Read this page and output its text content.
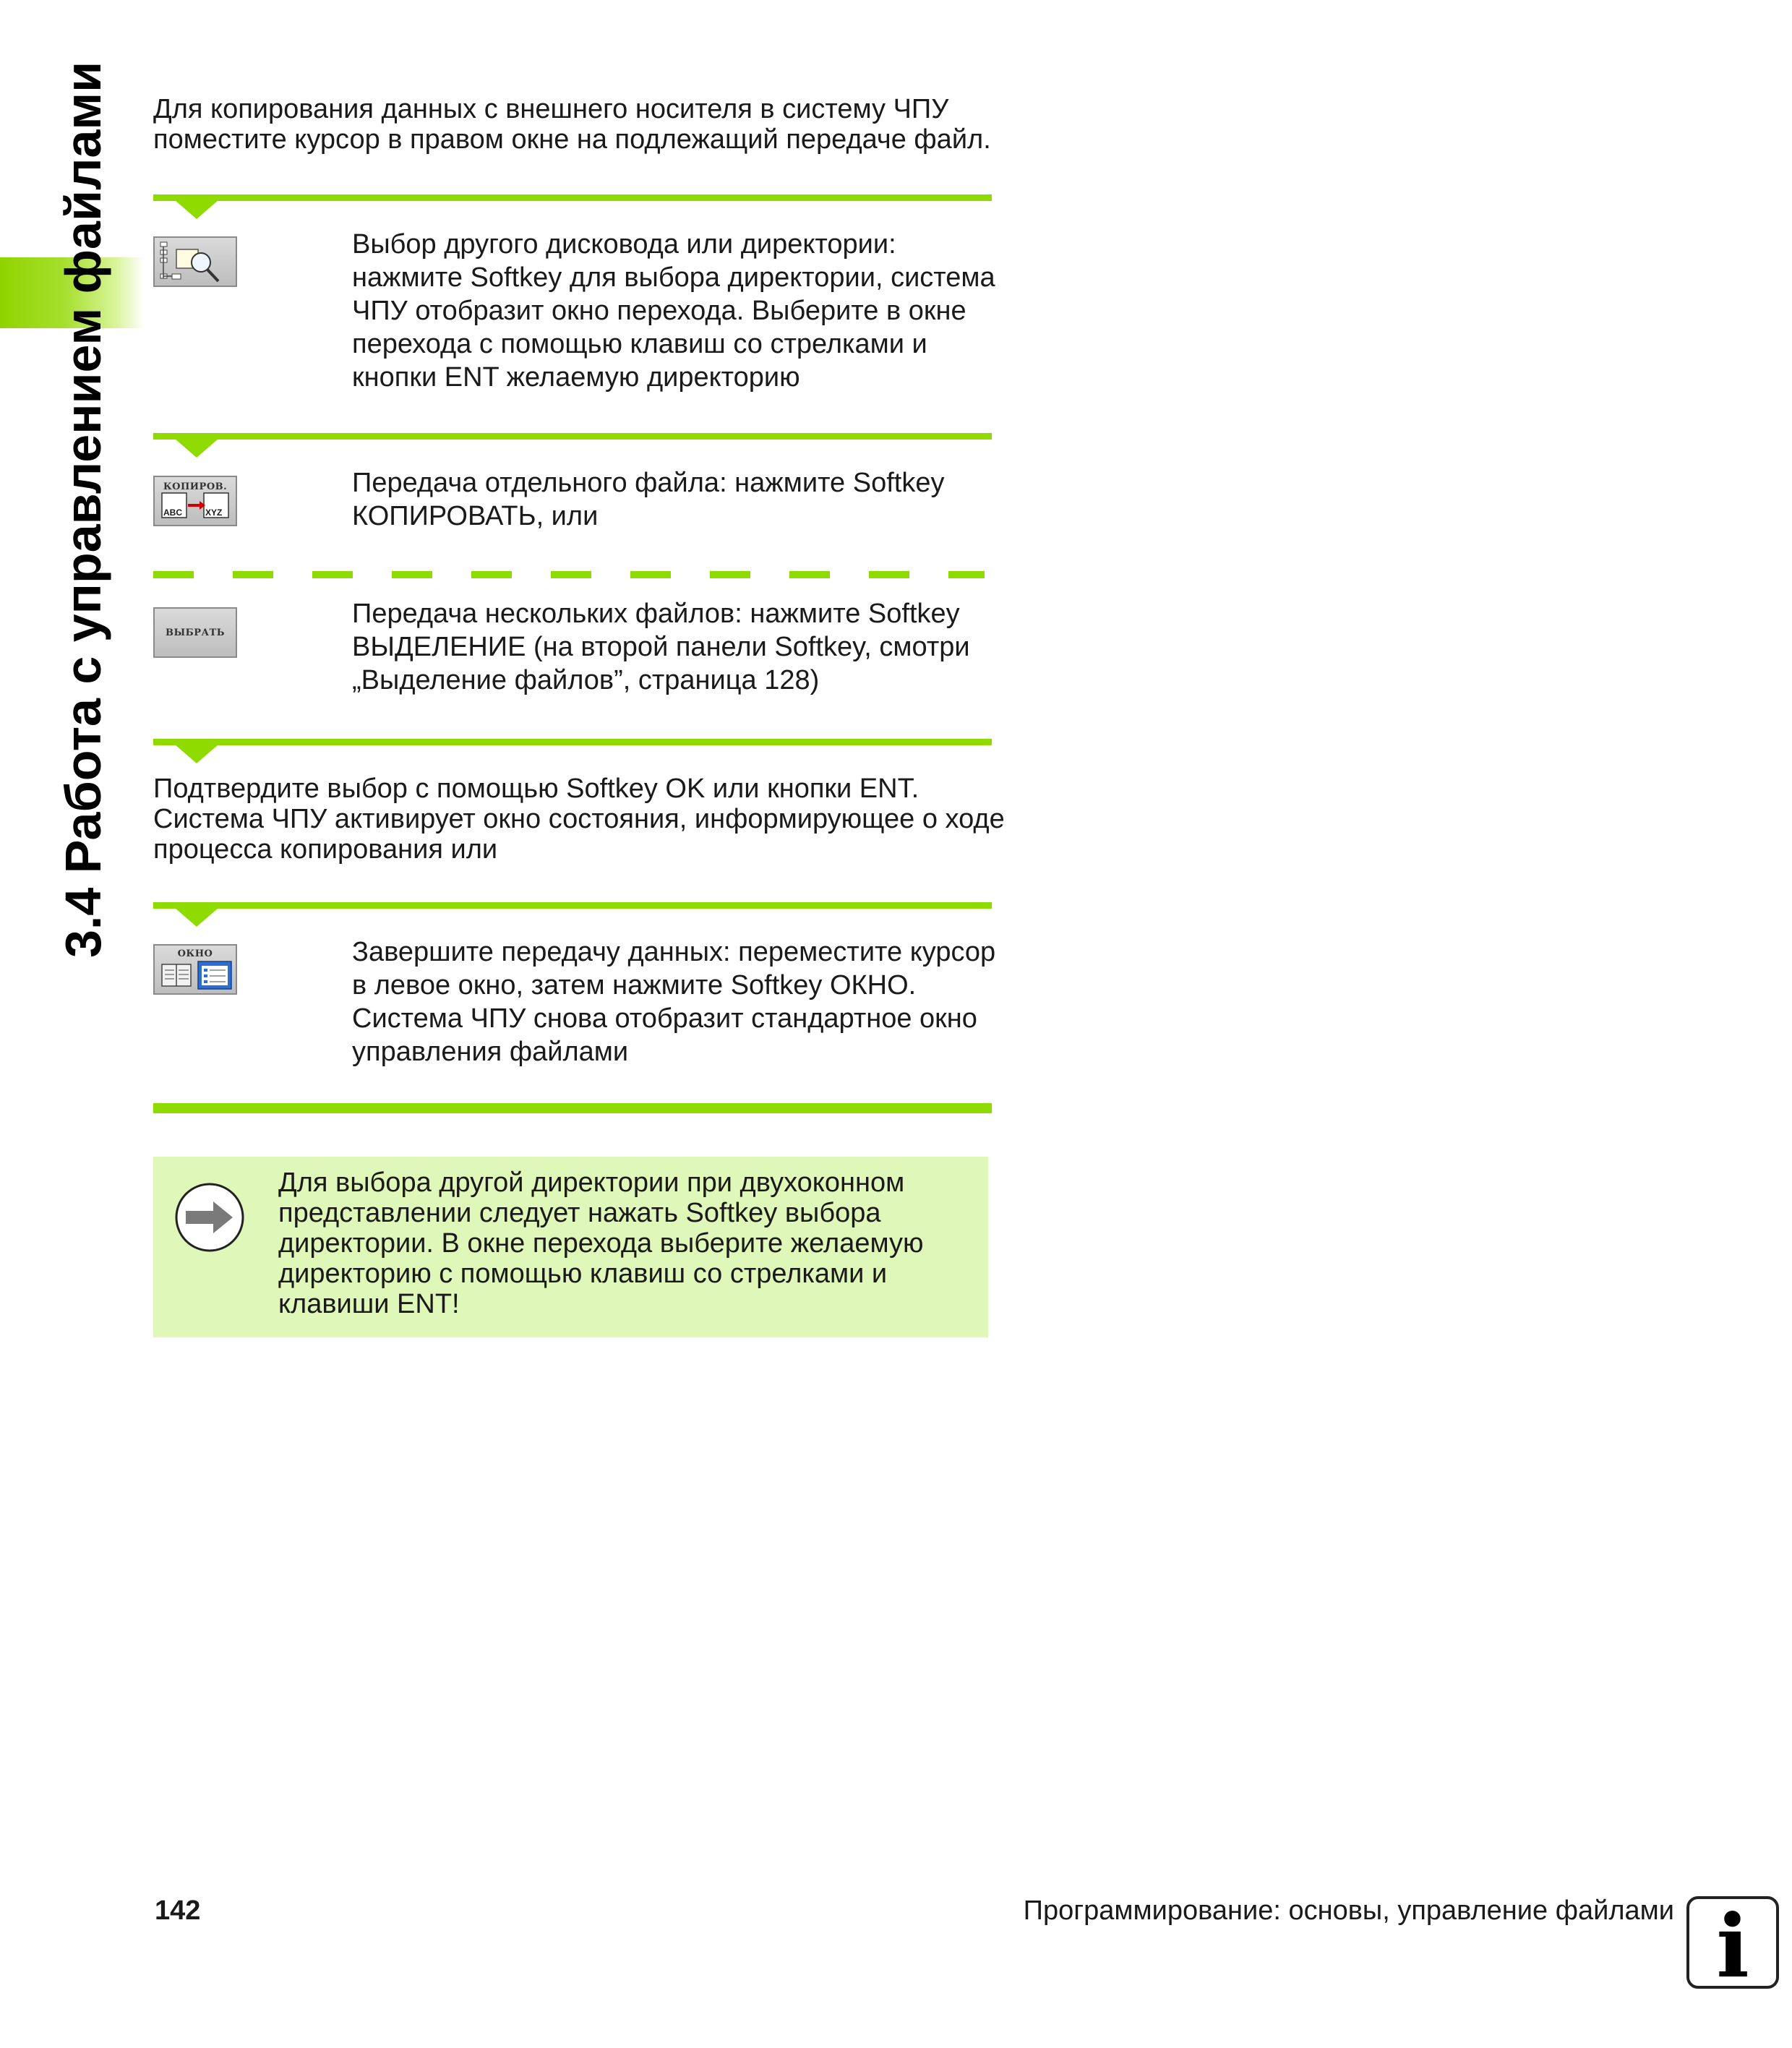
3.4 Работа с управлением файлами Для копирования данных с внешнего носителя в систему ЧПУ
поместите курсор в правом окне на подлежащий передаче файл.

Выбор другого дисковода или директории:
нажмите Softkey для выбора директории, система
ЧПУ отобразит окно перехода. Выберите в окне
перехода с помощью клавиш со стрелками и
кнопки ENT желаемую директорию
КОПИРОВ.
ABC	XYZ
Передача отдельного файла: нажмите Softkey
КОПИРОВАТЬ, или
ВЫБРАТЬ
Передача нескольких файлов: нажмите Softkey
ВЫДЕЛЕНИЕ (на второй панели Softkey, смотри
„Выделение файлов”, страница 128)

Подтвердите выбор с помощью Softkey OK или кнопки ENT.
Система ЧПУ активирует окно состояния, информирующее о ходе
процесса копирования или

ОКНО	Завершите передачу данных: переместите курсор
в левое окно, затем нажмите Softkey ОКНО.
Система ЧПУ снова отобразит стандартное окно
управления файлами
Для выбора другой директории при двухоконном
представлении следует нажать Softkey выбора
директории. В окне перехода выберите желаемую
директорию с помощью клавиш со стрелками и
клавиши ENT!
142	Программирование: основы, управление файлами i
